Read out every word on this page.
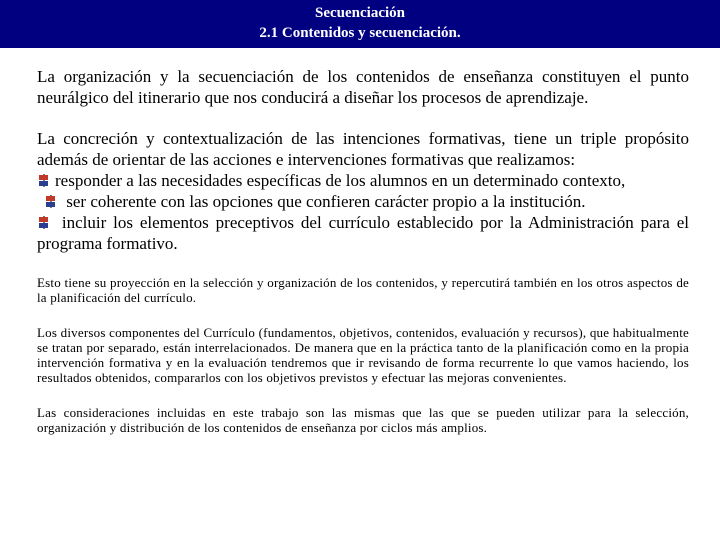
Secuenciación
2.1 Contenidos y secuenciación.

La organización y la secuenciación de los contenidos de enseñanza constituyen el punto neurálgico del itinerario que nos conducirá a diseñar los procesos de aprendizaje.

La concreción y contextualización de las intenciones formativas, tiene un triple propósito además de orientar de las acciones e intervenciones formativas que realizamos:
responder a las necesidades específicas de los alumnos en un determinado contexto,
ser coherente con las opciones que confieren carácter propio a la institución.
incluir los elementos preceptivos del currículo establecido por la Administración para el programa formativo.

Esto tiene su proyección en la selección y organización de los contenidos, y repercutirá también en los otros aspectos de la planificación del currículo.

Los diversos componentes del Currículo (fundamentos, objetivos, contenidos, evaluación y recursos), que habitualmente se tratan por separado, están interrelacionados. De manera que en la práctica tanto de la planificación como en la propia intervención formativa y en la evaluación tendremos que ir revisando de forma recurrente lo que vamos haciendo, los resultados obtenidos, compararlos con los objetivos previstos y efectuar las mejoras convenientes.

Las consideraciones incluidas en este trabajo son las mismas que las que se pueden utilizar para la selección, organización y distribución de los contenidos de enseñanza por ciclos más amplios.
